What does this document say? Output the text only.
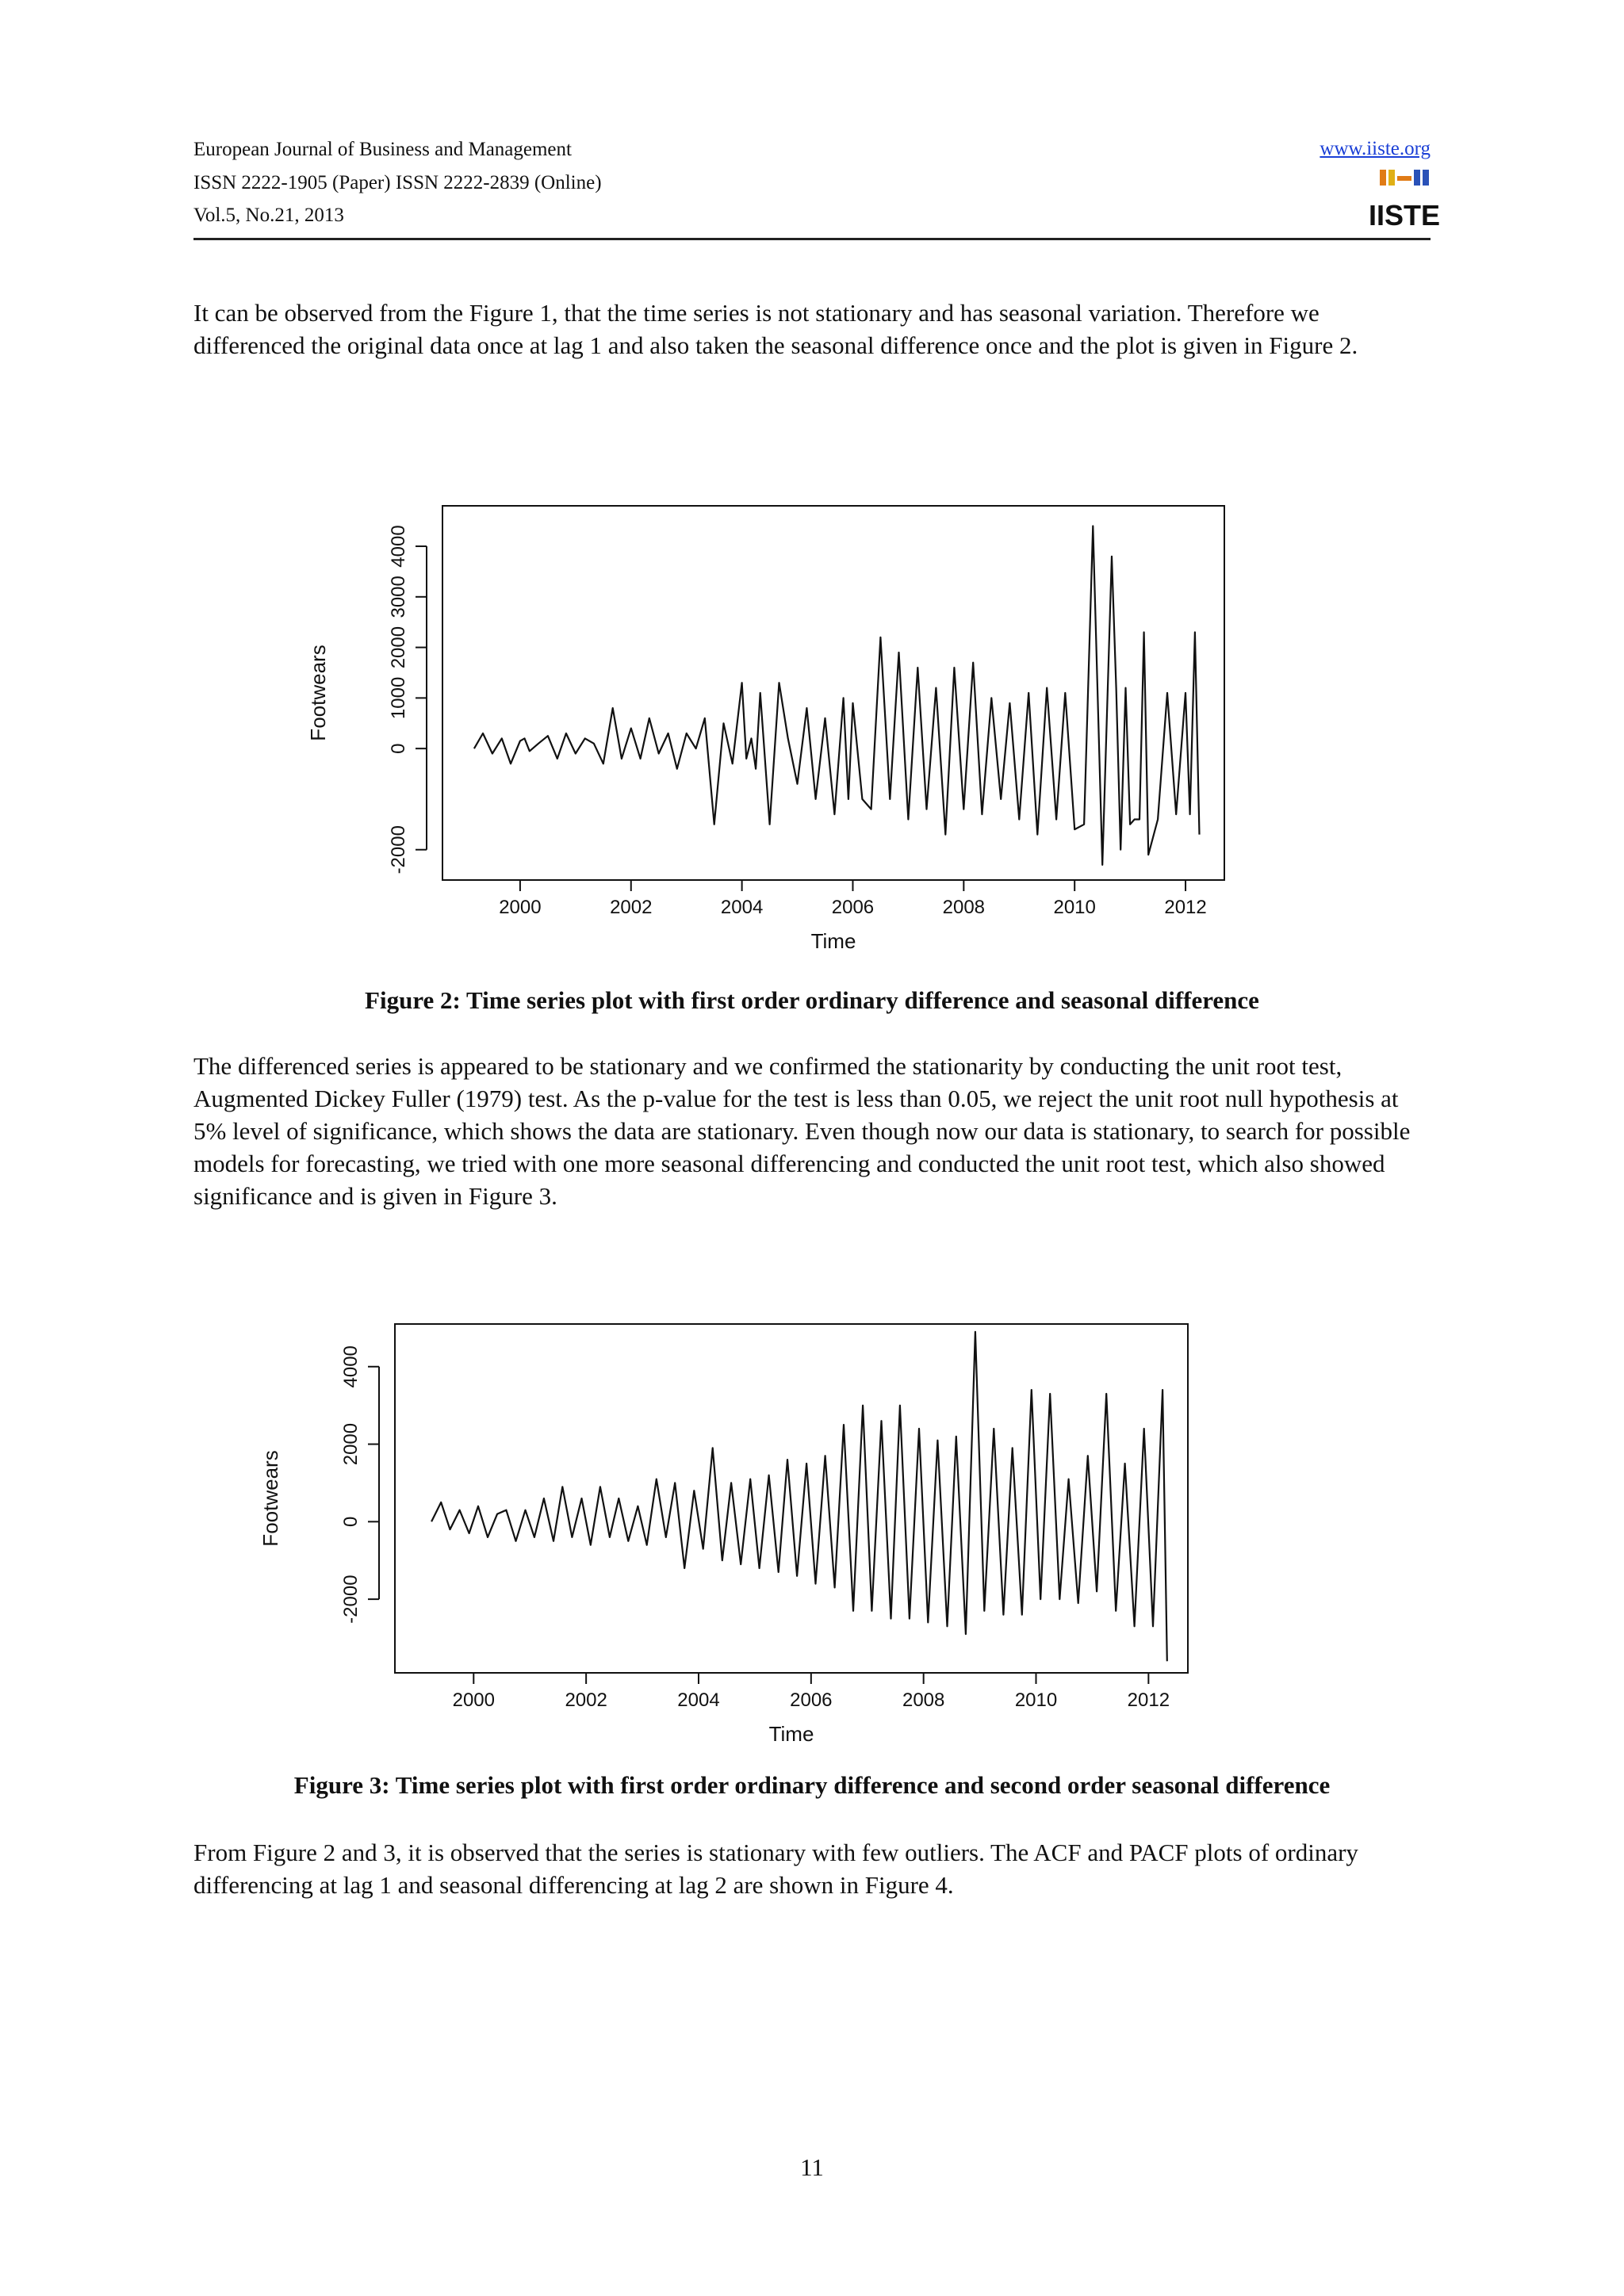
European Journal of Business and Management
ISSN 2222-1905 (Paper) ISSN 2222-2839 (Online)
Vol.5, No.21, 2013
www.iiste.org
IISTE
It can be observed from the Figure 1, that the time series is not stationary and has seasonal variation. Therefore we differenced the original data once at lag 1 and also taken the seasonal difference once and the plot is given in Figure 2.
2000	2002	2004	2006	2008	2010	2012
-2000
0
1000
2000
3000
4000
Time
Footwears
Figure 2: Time series plot with first order ordinary difference and seasonal difference
The differenced series is appeared to be stationary and we confirmed the stationarity by conducting the unit root test, Augmented Dickey Fuller (1979) test. As the p-value for the test is less than 0.05, we reject the unit root null hypothesis at 5% level of significance, which shows the data are stationary. Even though now our data is stationary, to search for possible models for forecasting, we tried with one more seasonal differencing and conducted the unit root test, which also showed significance and is given in Figure 3.
2000	2002	2004	2006	2008	2010	2012
-2000
0
2000
4000
Time
Footwears
Figure 3: Time series plot with first order ordinary difference and second order seasonal difference
From Figure 2 and 3, it is observed that the series is stationary with few outliers. The ACF and PACF plots of ordinary differencing at lag 1 and seasonal differencing at lag 2 are shown in Figure 4.
11
